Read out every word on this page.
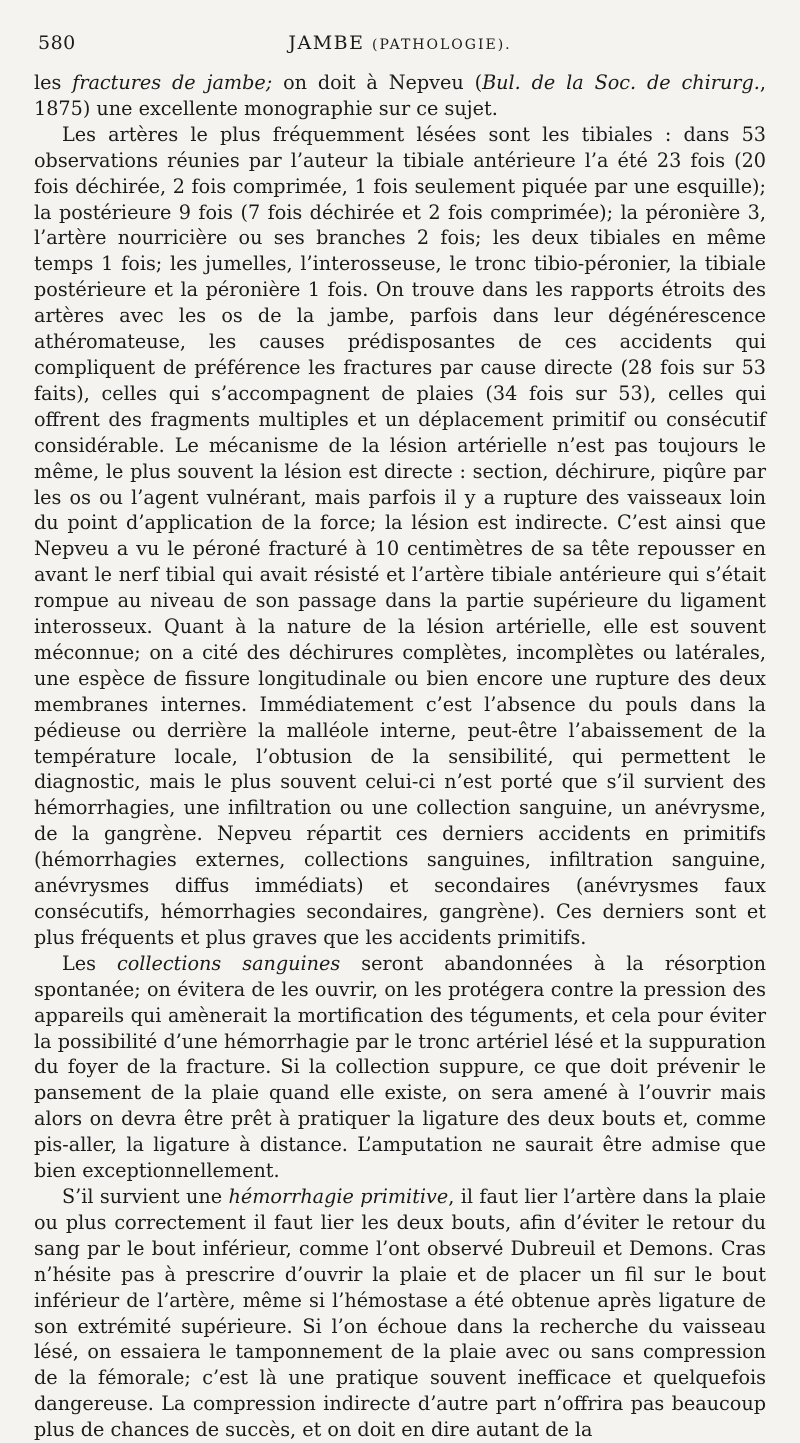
580	JAMBE (PATHOLOGIE).

les fractures de jambe; on doit à Nepveu (Bul. de la Soc. de chirurg., 1875) une excellente monographie sur ce sujet.

Les artères le plus fréquemment lésées sont les tibiales : dans 53 observations réunies par l’auteur la tibiale antérieure l’a été 23 fois (20 fois déchirée, 2 fois comprimée, 1 fois seulement piquée par une esquille); la postérieure 9 fois (7 fois déchirée et 2 fois comprimée); la péronière 3, l’artère nourricière ou ses branches 2 fois; les deux tibiales en même temps 1 fois; les jumelles, l’interosseuse, le tronc tibio-péronier, la tibiale postérieure et la péronière 1 fois. On trouve dans les rapports étroits des artères avec les os de la jambe, parfois dans leur dégénérescence athéromateuse, les causes prédisposantes de ces accidents qui compliquent de préférence les fractures par cause directe (28 fois sur 53 faits), celles qui s’accompagnent de plaies (34 fois sur 53), celles qui offrent des fragments multiples et un déplacement primitif ou consécutif considérable. Le mécanisme de la lésion artérielle n’est pas toujours le même, le plus souvent la lésion est directe : section, déchirure, piqûre par les os ou l’agent vulnérant, mais parfois il y a rupture des vaisseaux loin du point d’application de la force; la lésion est indirecte. C’est ainsi que Nepveu a vu le péroné fracturé à 10 centimètres de sa tête repousser en avant le nerf tibial qui avait résisté et l’artère tibiale antérieure qui s’était rompue au niveau de son passage dans la partie supérieure du ligament interosseux. Quant à la nature de la lésion artérielle, elle est souvent méconnue; on a cité des déchirures complètes, incomplètes ou latérales, une espèce de fissure longitudinale ou bien encore une rupture des deux membranes internes. Immédiatement c’est l’absence du pouls dans la pédieuse ou derrière la malléole interne, peut-être l’abaissement de la température locale, l’obtusion de la sensibilité, qui permettent le diagnostic, mais le plus souvent celui-ci n’est porté que s’il survient des hémorrhagies, une infiltration ou une collection sanguine, un anévrysme, de la gangrène. Nepveu répartit ces derniers accidents en primitifs (hémorrhagies externes, collections sanguines, infiltration sanguine, anévrysmes diffus immédiats) et secondaires (anévrysmes faux consécutifs, hémorrhagies secondaires, gangrène). Ces derniers sont et plus fréquents et plus graves que les accidents primitifs.

Les collections sanguines seront abandonnées à la résorption spontanée; on évitera de les ouvrir, on les protégera contre la pression des appareils qui amènerait la mortification des téguments, et cela pour éviter la possibilité d’une hémorrhagie par le tronc artériel lésé et la suppuration du foyer de la fracture. Si la collection suppure, ce que doit prévenir le pansement de la plaie quand elle existe, on sera amené à l’ouvrir mais alors on devra être prêt à pratiquer la ligature des deux bouts et, comme pis-aller, la ligature à distance. L’amputation ne saurait être admise que bien exceptionnellement.

S’il survient une hémorrhagie primitive, il faut lier l’artère dans la plaie ou plus correctement il faut lier les deux bouts, afin d’éviter le retour du sang par le bout inférieur, comme l’ont observé Dubreuil et Demons. Cras n’hésite pas à prescrire d’ouvrir la plaie et de placer un fil sur le bout inférieur de l’artère, même si l’hémostase a été obtenue après ligature de son extrémité supérieure. Si l’on échoue dans la recherche du vaisseau lésé, on essaiera le tamponnement de la plaie avec ou sans compression de la fémorale; c’est là une pratique souvent inefficace et quelquefois dangereuse. La compression indirecte d’autre part n’offrira pas beaucoup plus de chances de succès, et on doit en dire autant de la
